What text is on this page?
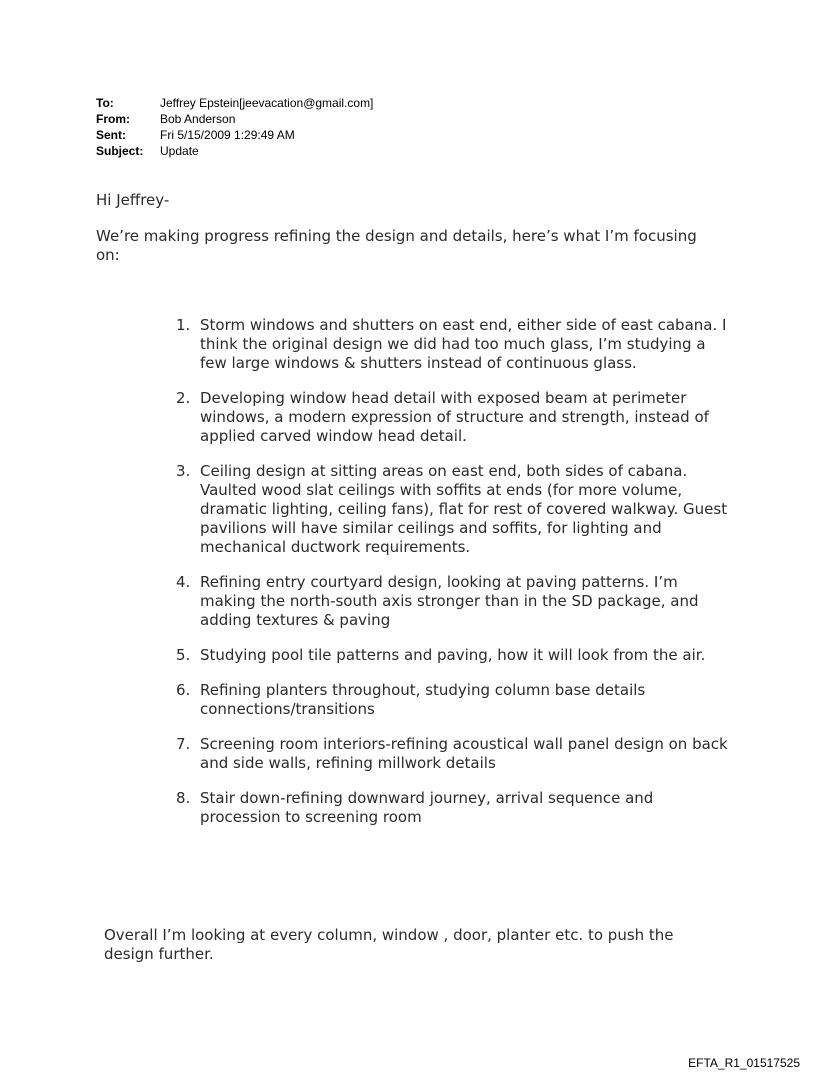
To:	Jeffrey Epstein[jeevacation@gmail.com]
From:	Bob Anderson
Sent:	Fri 5/15/2009 1:29:49 AM
Subject:	Update
Hi Jeffrey-
We’re making progress refining the design and details, here’s what I’m focusing on:
1. Storm windows and shutters on east end, either side of east cabana. I think the original design we did had too much glass, I’m studying a few large windows & shutters instead of continuous glass.
2. Developing window head detail with exposed beam at perimeter windows, a modern expression of structure and strength, instead of applied carved window head detail.
3. Ceiling design at sitting areas on east end, both sides of cabana. Vaulted wood slat ceilings with soffits at ends (for more volume, dramatic lighting, ceiling fans), flat for rest of covered walkway. Guest pavilions will have similar ceilings and soffits, for lighting and mechanical ductwork requirements.
4. Refining entry courtyard design, looking at paving patterns. I’m making the north-south axis stronger than in the SD package, and adding textures & paving
5. Studying pool tile patterns and paving, how it will look from the air.
6. Refining planters throughout, studying column base details connections/transitions
7. Screening room interiors-refining acoustical wall panel design on back and side walls, refining millwork details
8. Stair down-refining downward journey, arrival sequence and procession to screening room
Overall I’m looking at every column, window , door, planter etc. to push the design further.
EFTA_R1_01517525
